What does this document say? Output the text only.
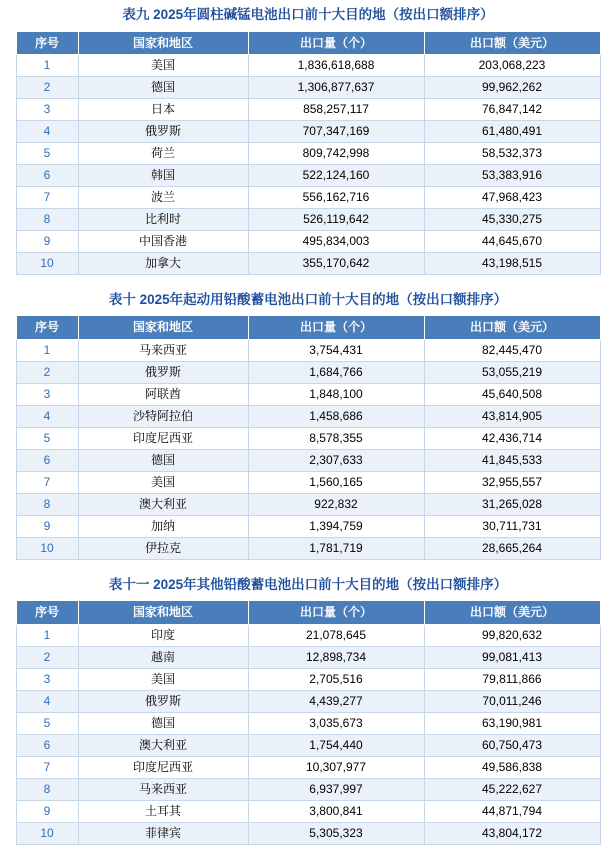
表九 2025年圆柱碱锰电池出口前十大目的地（按出口额排序）
序号	国家和地区	出口量（个）	出口额（美元）
1	美国	1,836,618,688	203,068,223
2	德国	1,306,877,637	99,962,262
3	日本	858,257,117	76,847,142
4	俄罗斯	707,347,169	61,480,491
5	荷兰	809,742,998	58,532,373
6	韩国	522,124,160	53,383,916
7	波兰	556,162,716	47,968,423
8	比利时	526,119,642	45,330,275
9	中国香港	495,834,003	44,645,670
10	加拿大	355,170,642	43,198,515
表十 2025年起动用铅酸蓄电池出口前十大目的地（按出口额排序）
序号	国家和地区	出口量（个）	出口额（美元）
1	马来西亚	3,754,431	82,445,470
2	俄罗斯	1,684,766	53,055,219
3	阿联酋	1,848,100	45,640,508
4	沙特阿拉伯	1,458,686	43,814,905
5	印度尼西亚	8,578,355	42,436,714
6	德国	2,307,633	41,845,533
7	美国	1,560,165	32,955,557
8	澳大利亚	922,832	31,265,028
9	加纳	1,394,759	30,711,731
10	伊拉克	1,781,719	28,665,264
表十一 2025年其他铅酸蓄电池出口前十大目的地（按出口额排序）
序号	国家和地区	出口量（个）	出口额（美元）
1	印度	21,078,645	99,820,632
2	越南	12,898,734	99,081,413
3	美国	2,705,516	79,811,866
4	俄罗斯	4,439,277	70,011,246
5	德国	3,035,673	63,190,981
6	澳大利亚	1,754,440	60,750,473
7	印度尼西亚	10,307,977	49,586,838
8	马来西亚	6,937,997	45,222,627
9	土耳其	3,800,841	44,871,794
10	菲律宾	5,305,323	43,804,172
